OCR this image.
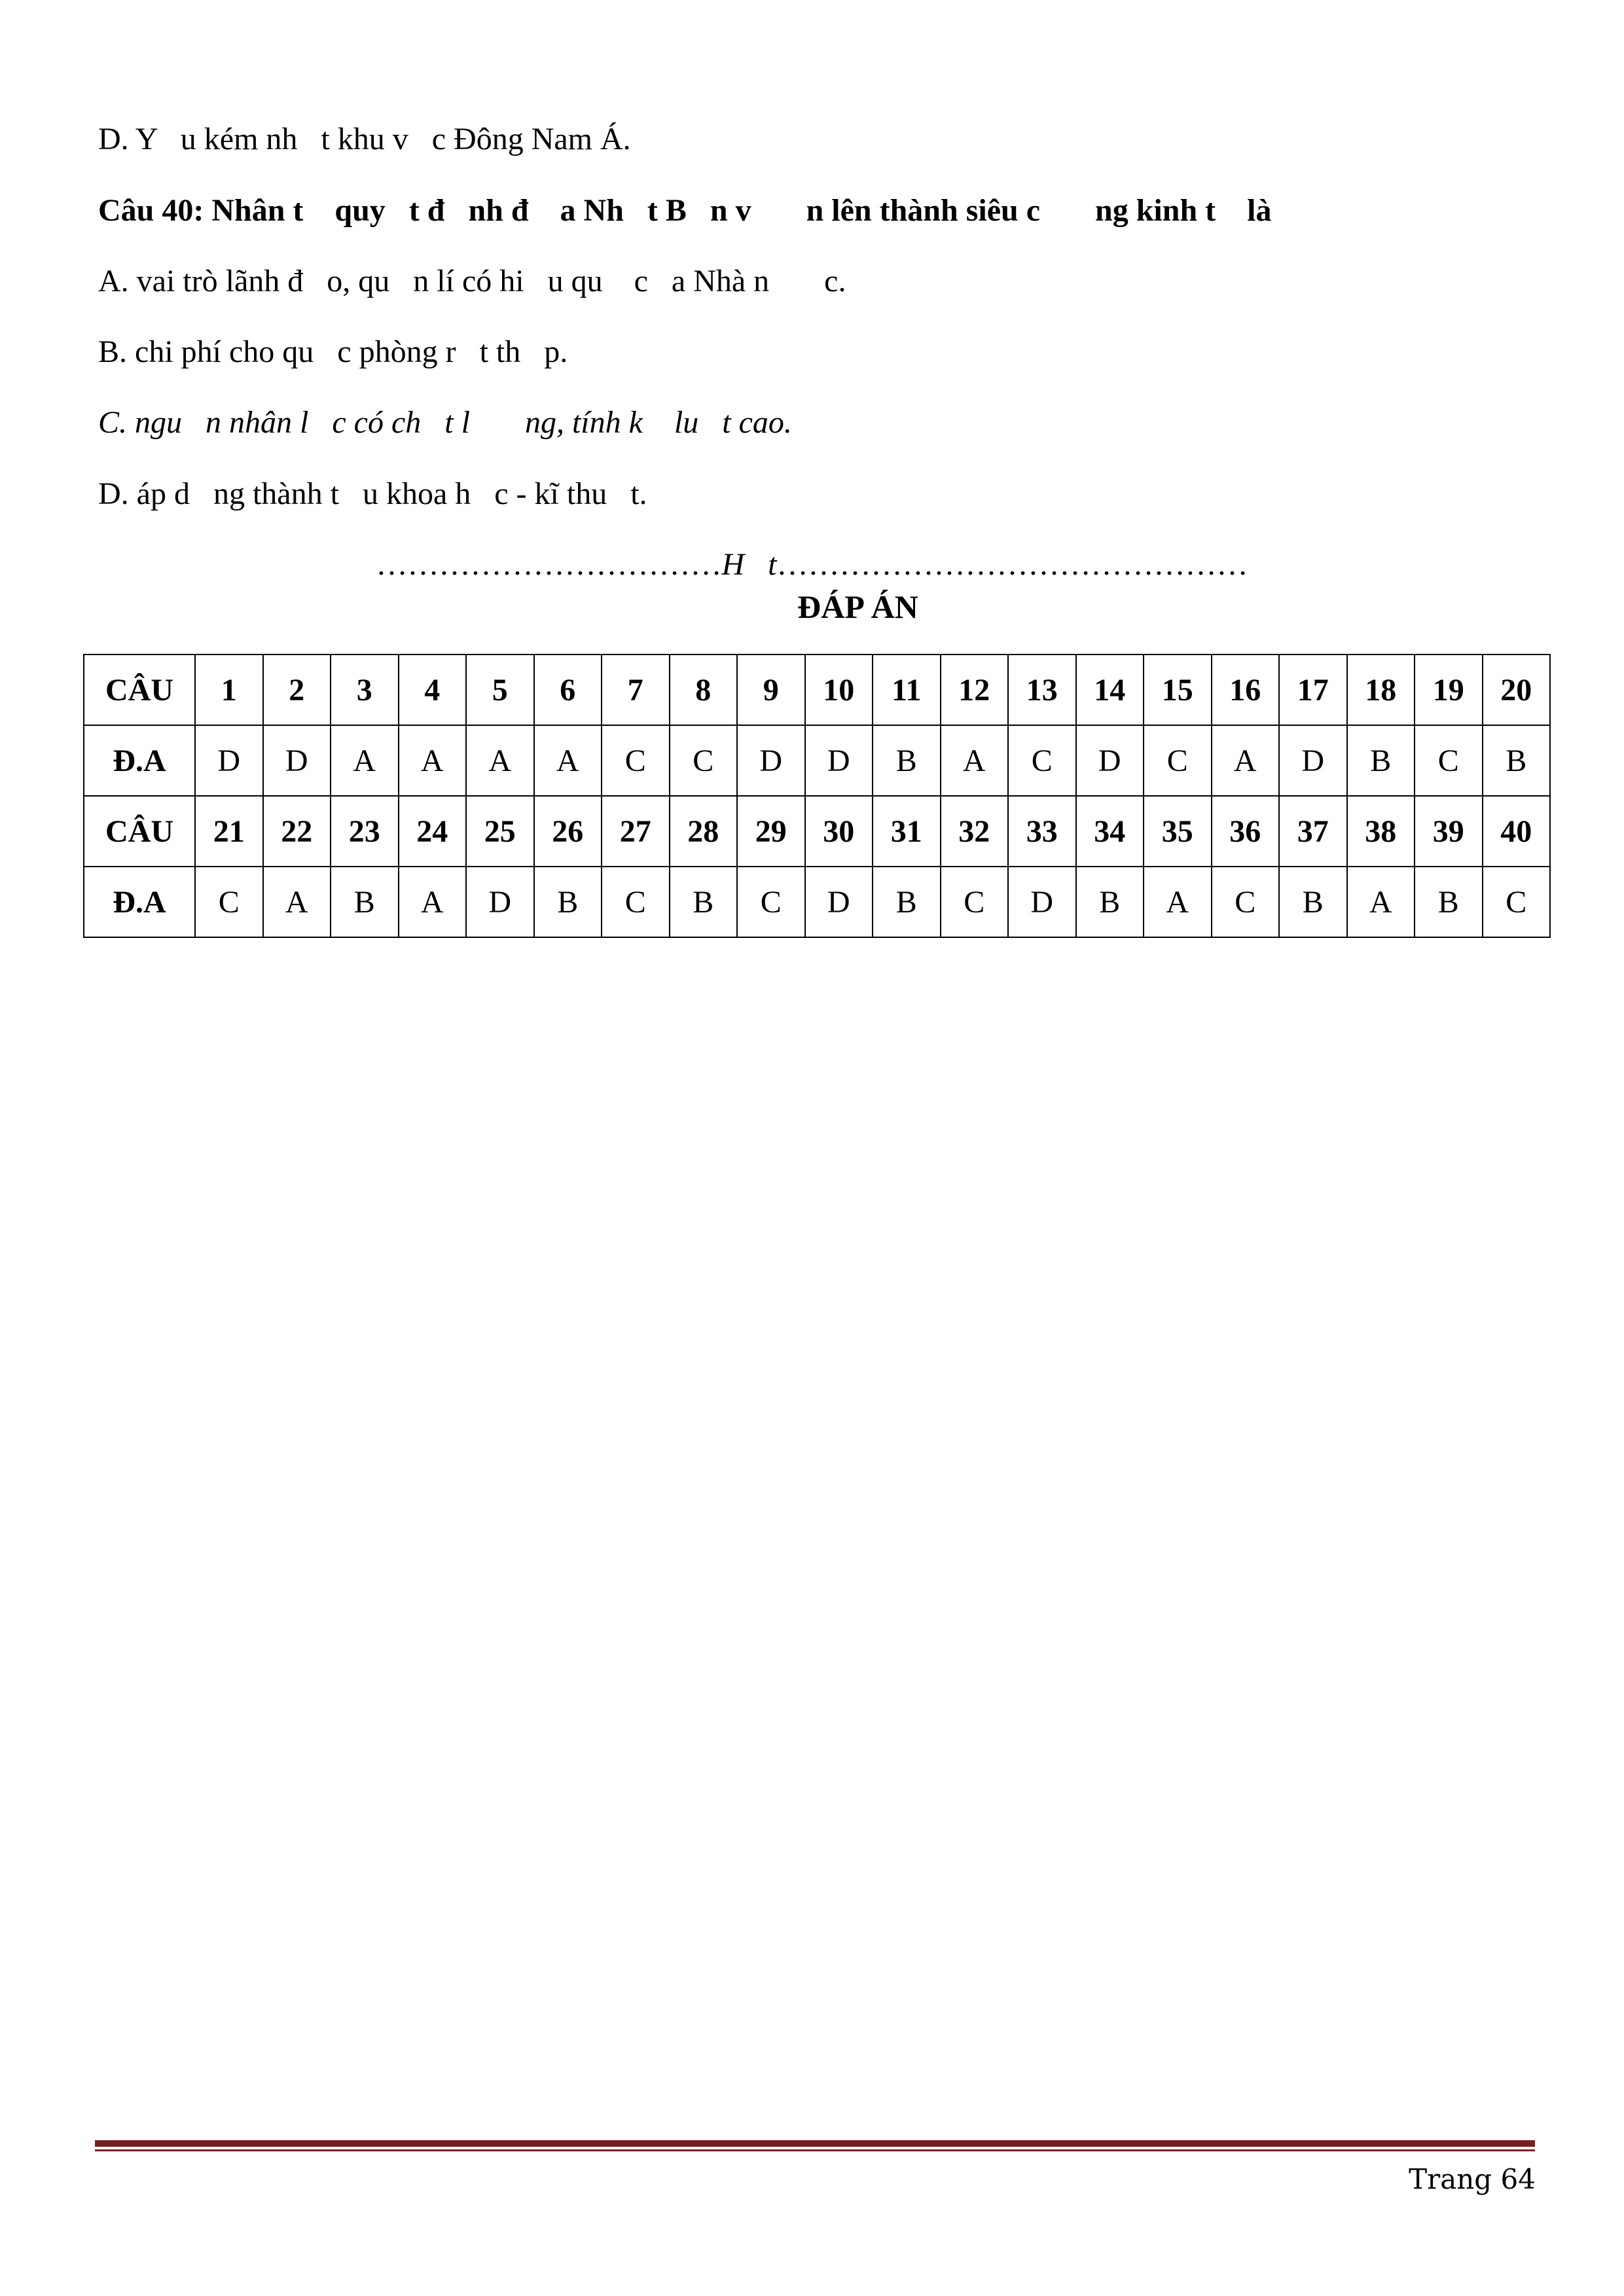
D. Y   u kém nh   t khu v   c Đông Nam Á.
Câu 40: Nhân t    quy   t đ   nh đ    a Nh   t B   n v       n lên thành siêu c       ng kinh t    là
A. vai trò lãnh đ   o, qu   n lí có hi   u qu    c   a Nhà n       c.
B. chi phí cho qu   c phòng r   t th   p.
C. ngu   n nhân l   c có ch   t l       ng, tính k    lu   t cao.
D. áp d   ng thành t   u khoa h   c - kĩ thu   t.
……………………………H   t………………………………………
ĐÁP ÁN
CÂU	1	2	3	4	5	6	7	8	9	10	11	12	13	14	15	16	17	18	19	20
Đ.A	D	D	A	A	A	A	C	C	D	D	B	A	C	D	C	A	D	B	C	B
CÂU	21	22	23	24	25	26	27	28	29	30	31	32	33	34	35	36	37	38	39	40
Đ.A	C	A	B	A	D	B	C	B	C	D	B	C	D	B	A	C	B	A	B	C
Trang 64
